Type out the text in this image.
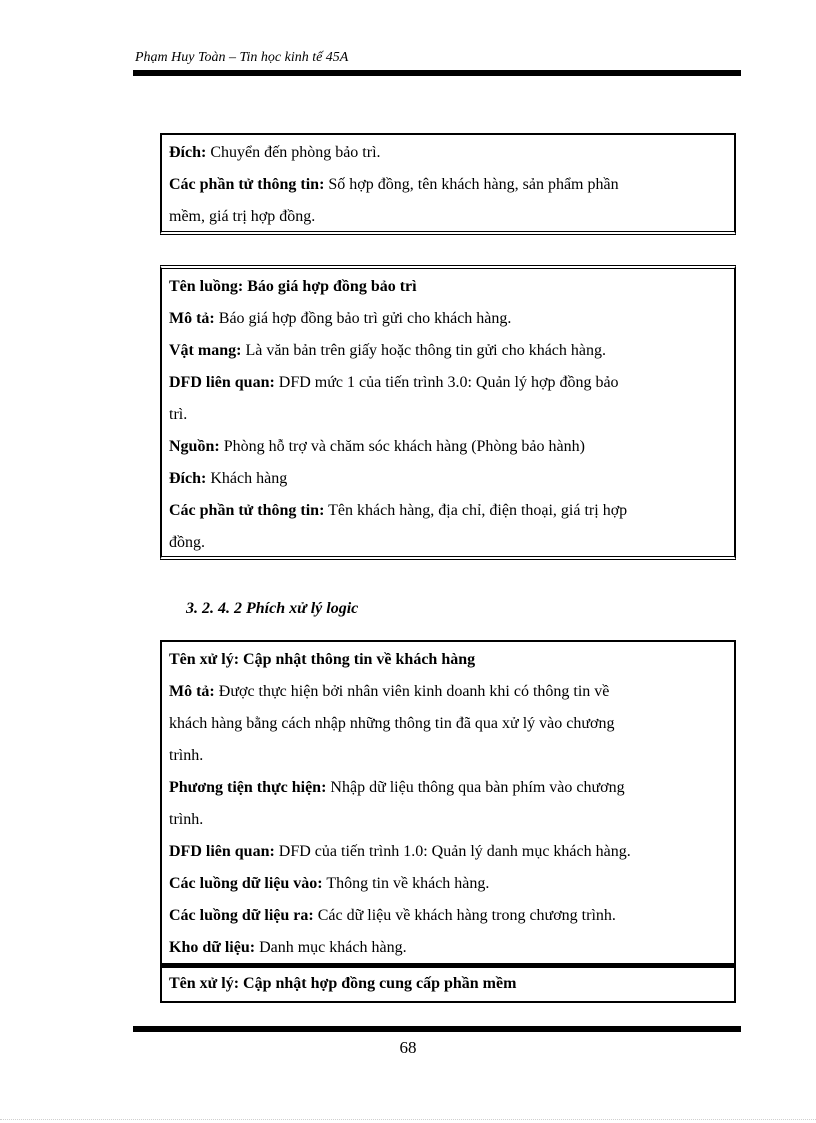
Phạm Huy Toàn – Tin học kinh tế 45A
Đích: Chuyển đến phòng bảo trì.
Các phần tử thông tin: Số hợp đồng, tên khách hàng, sản phẩm phần
mềm, giá trị hợp đồng.
Tên luồng: Báo giá hợp đồng bảo trì
Mô tả: Báo giá hợp đồng bảo trì gửi cho khách hàng.
Vật mang: Là văn bản trên giấy hoặc thông tin gửi cho khách hàng.
DFD liên quan: DFD mức 1 của tiến trình 3.0: Quản lý hợp đồng bảo
trì.
Nguồn: Phòng hỗ trợ và chăm sóc khách hàng (Phòng bảo hành)
Đích: Khách hàng
Các phần tử thông tin: Tên khách hàng, địa chỉ, điện thoại, giá trị hợp
đồng.
3. 2. 4. 2 Phích xử lý logic
Tên xử lý: Cập nhật thông tin về khách hàng
Mô tả: Được thực hiện bởi nhân viên kinh doanh khi có thông tin về
khách hàng bằng cách nhập những thông tin đã qua xử lý vào chương
trình.
Phương tiện thực hiện: Nhập dữ liệu thông qua bàn phím vào chương
trình.
DFD liên quan: DFD của tiến trình 1.0: Quản lý danh mục khách hàng.
Các luồng dữ liệu vào: Thông tin về khách hàng.
Các luồng dữ liệu ra: Các dữ liệu về khách hàng trong chương trình.
Kho dữ liệu: Danh mục khách hàng.
Tên xử lý: Cập nhật hợp đồng cung cấp phần mềm
68
